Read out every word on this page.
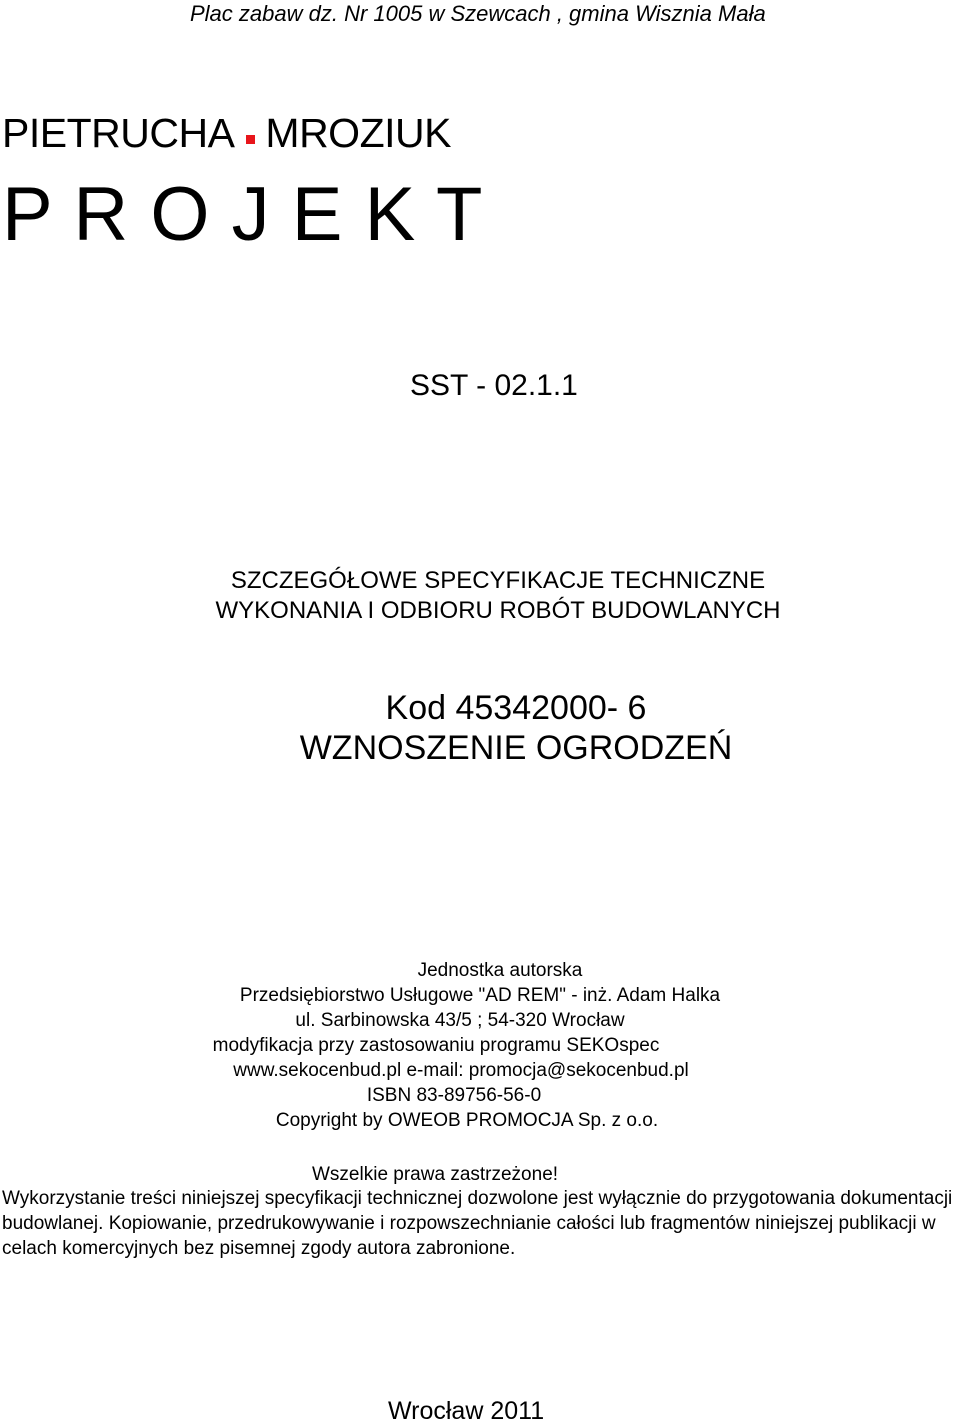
Plac zabaw dz. Nr 1005 w Szewcach , gmina Wisznia Mała
PIETRUCHA MROZIUK
P R O J E K T
SST - 02.1.1
SZCZEGÓŁOWE SPECYFIKACJE TECHNICZNE
WYKONANIA I ODBIORU ROBÓT BUDOWLANYCH
Kod 45342000- 6
WZNOSZENIE OGRODZEŃ
Jednostka autorska
Przedsiębiorstwo Usługowe "AD REM" - inż. Adam Halka
ul. Sarbinowska 43/5 ; 54-320 Wrocław
modyfikacja przy zastosowaniu programu SEKOspec
www.sekocenbud.pl e-mail: promocja@sekocenbud.pl
ISBN 83-89756-56-0
Copyright by OWEOB PROMOCJA Sp. z o.o.
Wszelkie prawa zastrzeżone!
Wykorzystanie treści niniejszej specyfikacji technicznej dozwolone jest wyłącznie do przygotowania dokumentacji budowlanej. Kopiowanie, przedrukowywanie i rozpowszechnianie całości lub fragmentów niniejszej publikacji w celach komercyjnych bez pisemnej zgody autora zabronione.
Wrocław 2011
